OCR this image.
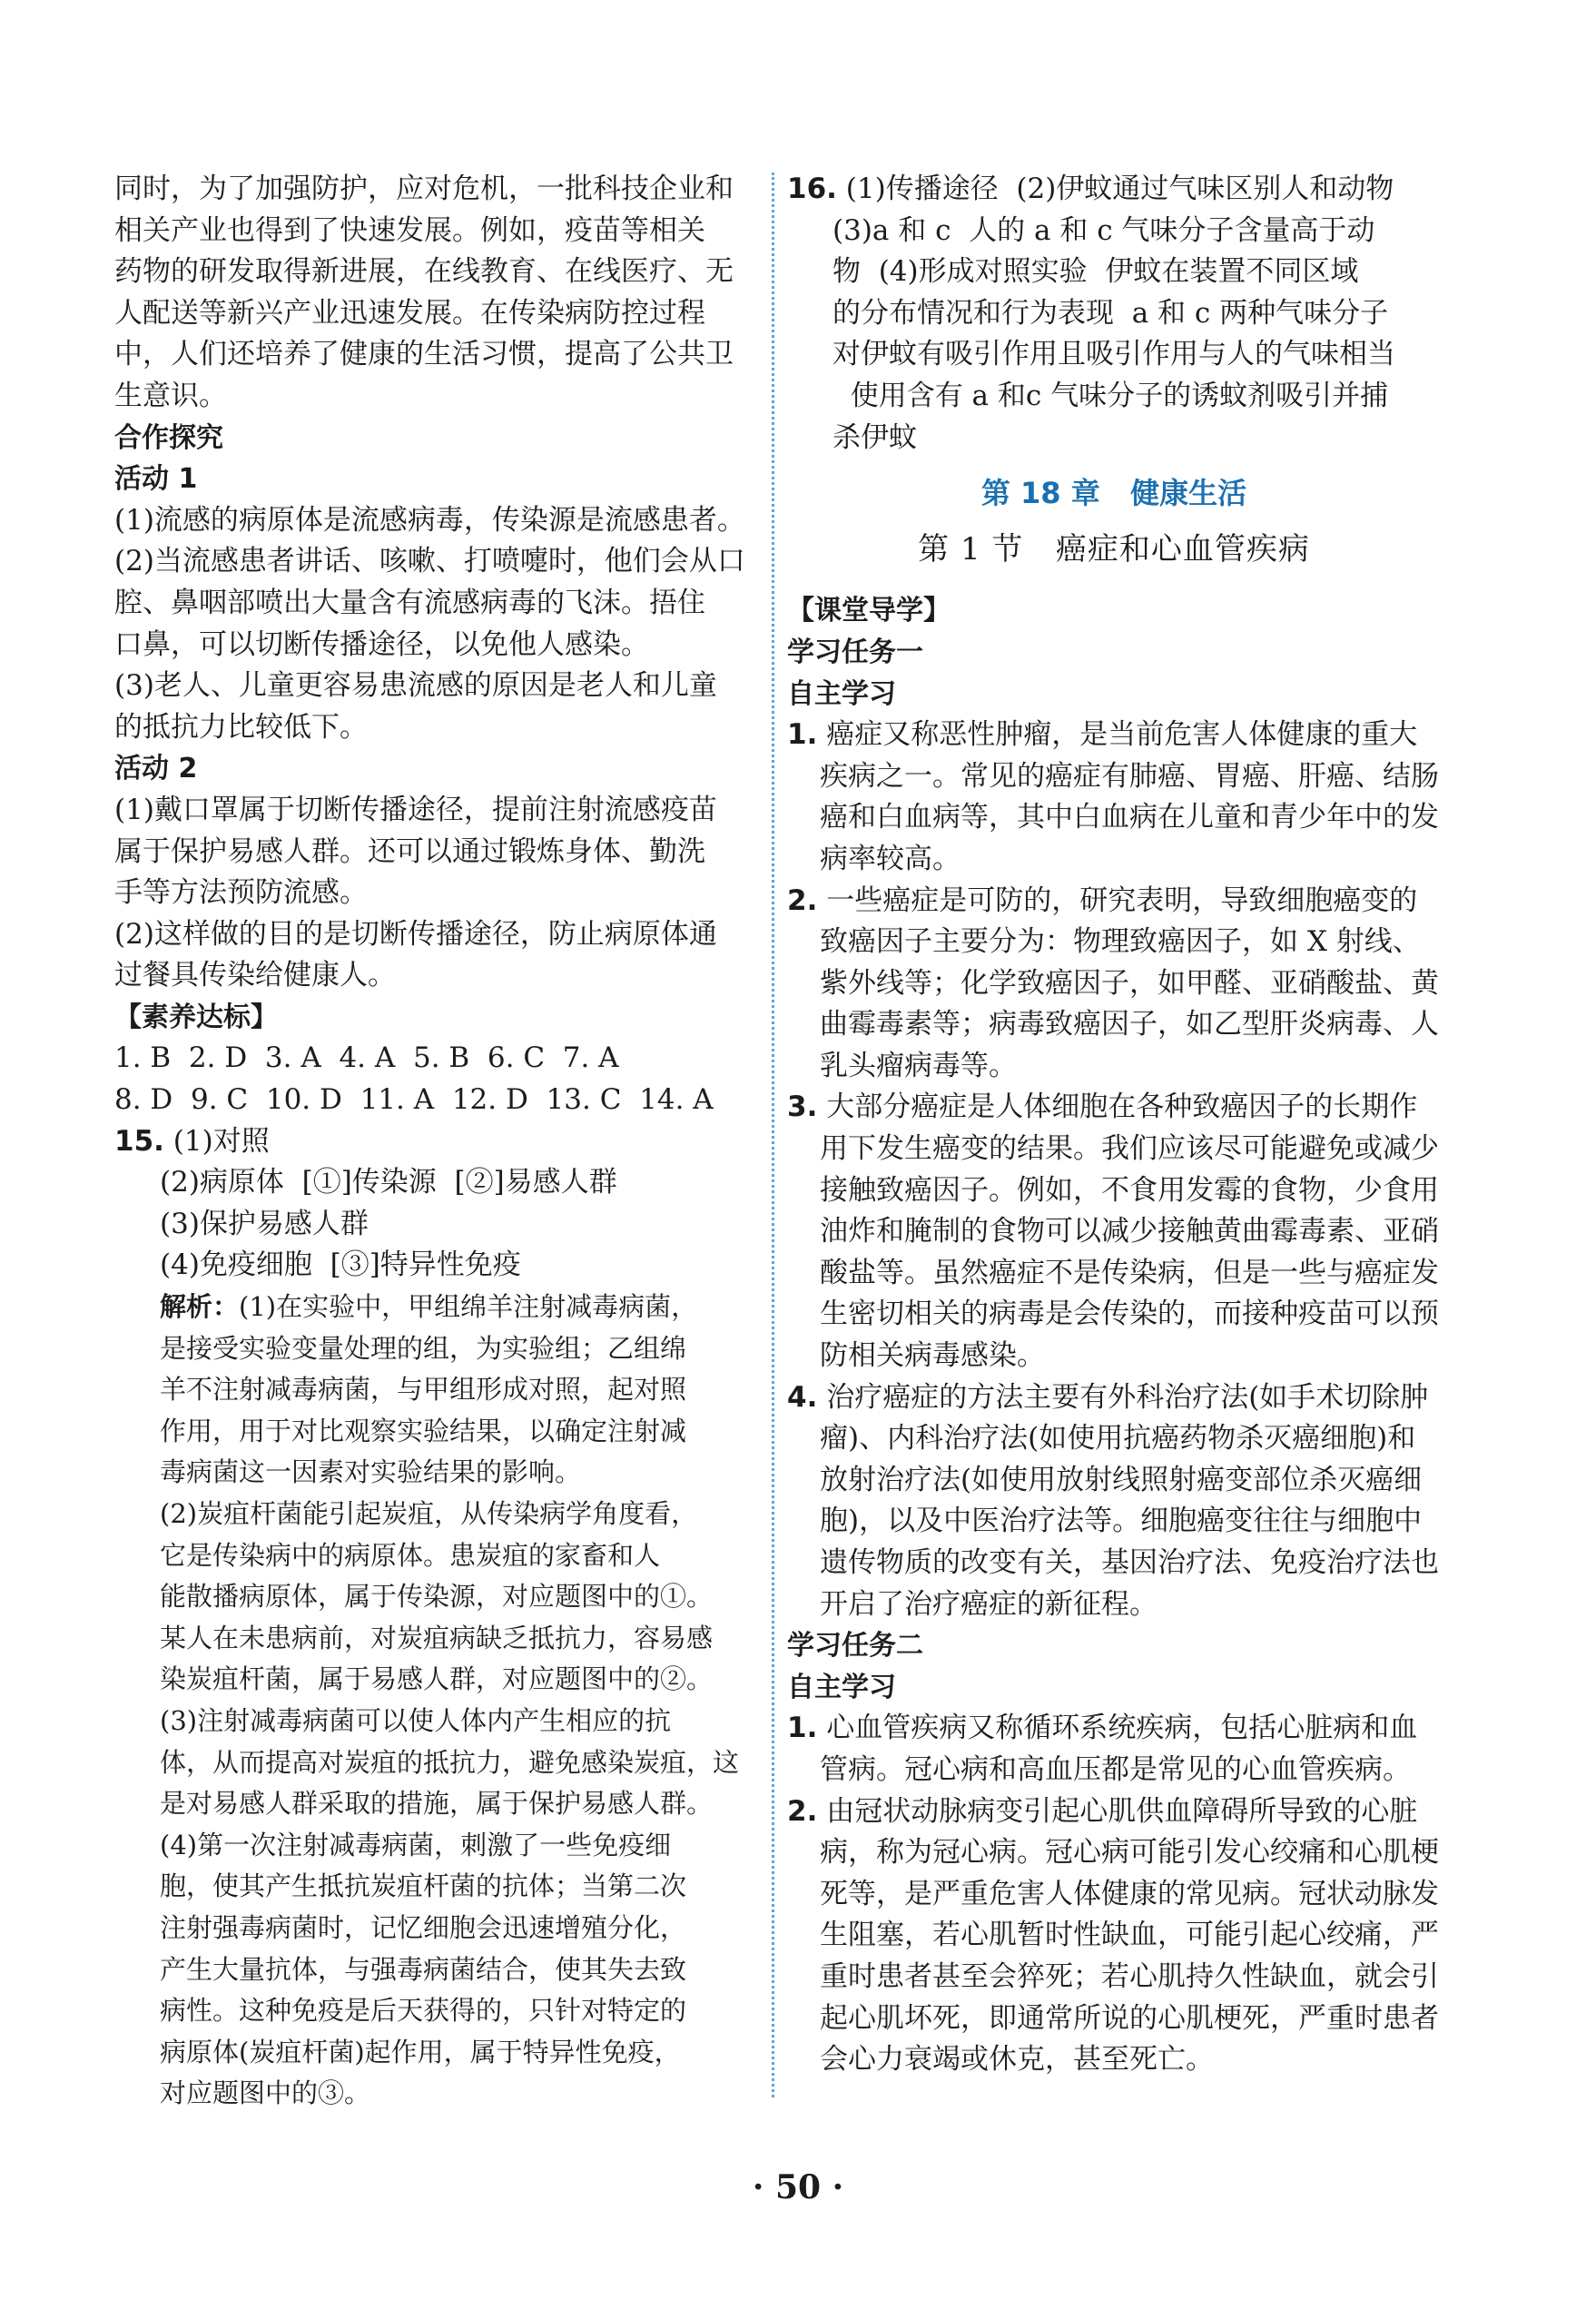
同时，为了加强防护，应对危机，一批科技企业和

相关产业也得到了快速发展。例如，疫苗等相关

药物的研发取得新进展，在线教育、在线医疗、无

人配送等新兴产业迅速发展。在传染病防控过程

中，人们还培养了健康的生活习惯，提高了公共卫

生意识。

合作探究

活动 1

(1)流感的病原体是流感病毒，传染源是流感患者。

(2)当流感患者讲话、咳嗽、打喷嚏时，他们会从口

腔、鼻咽部喷出大量含有流感病毒的飞沫。捂住

口鼻，可以切断传播途径，以免他人感染。

(3)老人、儿童更容易患流感的原因是老人和儿童

的抵抗力比较低下。

活动 2

(1)戴口罩属于切断传播途径，提前注射流感疫苗

属于保护易感人群。还可以通过锻炼身体、勤洗

手等方法预防流感。

(2)这样做的目的是切断传播途径，防止病原体通

过餐具传染给健康人。

【素养达标】

1. B  2. D  3. A  4. A  5. B  6. C  7. A

8. D  9. C  10. D  11. A  12. D  13. C  14. A

15. (1)对照

(2)病原体  [①]传染源  [②]易感人群

(3)保护易感人群

(4)免疫细胞  [③]特异性免疫

解析：(1)在实验中，甲组绵羊注射减毒病菌，

是接受实验变量处理的组，为实验组；乙组绵

羊不注射减毒病菌，与甲组形成对照，起对照

作用，用于对比观察实验结果，以确定注射减

毒病菌这一因素对实验结果的影响。

(2)炭疽杆菌能引起炭疽，从传染病学角度看，

它是传染病中的病原体。患炭疽的家畜和人

能散播病原体，属于传染源，对应题图中的①。

某人在未患病前，对炭疽病缺乏抵抗力，容易感

染炭疽杆菌，属于易感人群，对应题图中的②。

(3)注射减毒病菌可以使人体内产生相应的抗

体，从而提高对炭疽的抵抗力，避免感染炭疽，这

是对易感人群采取的措施，属于保护易感人群。

(4)第一次注射减毒病菌，刺激了一些免疫细

胞，使其产生抵抗炭疽杆菌的抗体；当第二次

注射强毒病菌时，记忆细胞会迅速增殖分化，

产生大量抗体，与强毒病菌结合，使其失去致

病性。这种免疫是后天获得的，只针对特定的

病原体(炭疽杆菌)起作用，属于特异性免疫，

对应题图中的③。

16. (1)传播途径  (2)伊蚊通过气味区别人和动物

(3)a 和 c  人的 a 和 c 气味分子含量高于动

物  (4)形成对照实验  伊蚊在装置不同区域

的分布情况和行为表现  a 和 c 两种气味分子

对伊蚊有吸引作用且吸引作用与人的气味相当

使用含有 a 和c 气味分子的诱蚊剂吸引并捕

杀伊蚊

第 18 章   健康生活

第 1 节   癌症和心血管疾病

【课堂导学】

学习任务一

自主学习

1. 癌症又称恶性肿瘤，是当前危害人体健康的重大疾病之一。常见的癌症有肺癌、胃癌、肝癌、结肠癌和白血病等，其中白血病在儿童和青少年中的发病率较高。

2. 一些癌症是可防的，研究表明，导致细胞癌变的致癌因子主要分为：物理致癌因子，如 X 射线、紫外线等；化学致癌因子，如甲醛、亚硝酸盐、黄曲霉毒素等；病毒致癌因子，如乙型肝炎病毒、人乳头瘤病毒等。

3. 大部分癌症是人体细胞在各种致癌因子的长期作用下发生癌变的结果。我们应该尽可能避免或减少接触致癌因子。例如，不食用发霉的食物，少食用油炸和腌制的食物可以减少接触黄曲霉毒素、亚硝酸盐等。虽然癌症不是传染病，但是一些与癌症发生密切相关的病毒是会传染的，而接种疫苗可以预防相关病毒感染。

4. 治疗癌症的方法主要有外科治疗法(如手术切除肿瘤)、内科治疗法(如使用抗癌药物杀灭癌细胞)和放射治疗法(如使用放射线照射癌变部位杀灭癌细胞)，以及中医治疗法等。细胞癌变往往与细胞中遗传物质的改变有关，基因治疗法、免疫治疗法也开启了治疗癌症的新征程。

学习任务二

自主学习

1. 心血管疾病又称循环系统疾病，包括心脏病和血管病。冠心病和高血压都是常见的心血管疾病。

2. 由冠状动脉病变引起心肌供血障碍所导致的心脏病，称为冠心病。冠心病可能引发心绞痛和心肌梗死等，是严重危害人体健康的常见病。冠状动脉发生阻塞，若心肌暂时性缺血，可能引起心绞痛，严重时患者甚至会猝死；若心肌持久性缺血，就会引起心肌坏死，即通常所说的心肌梗死，严重时患者会心力衰竭或休克，甚至死亡。

· 50 ·
